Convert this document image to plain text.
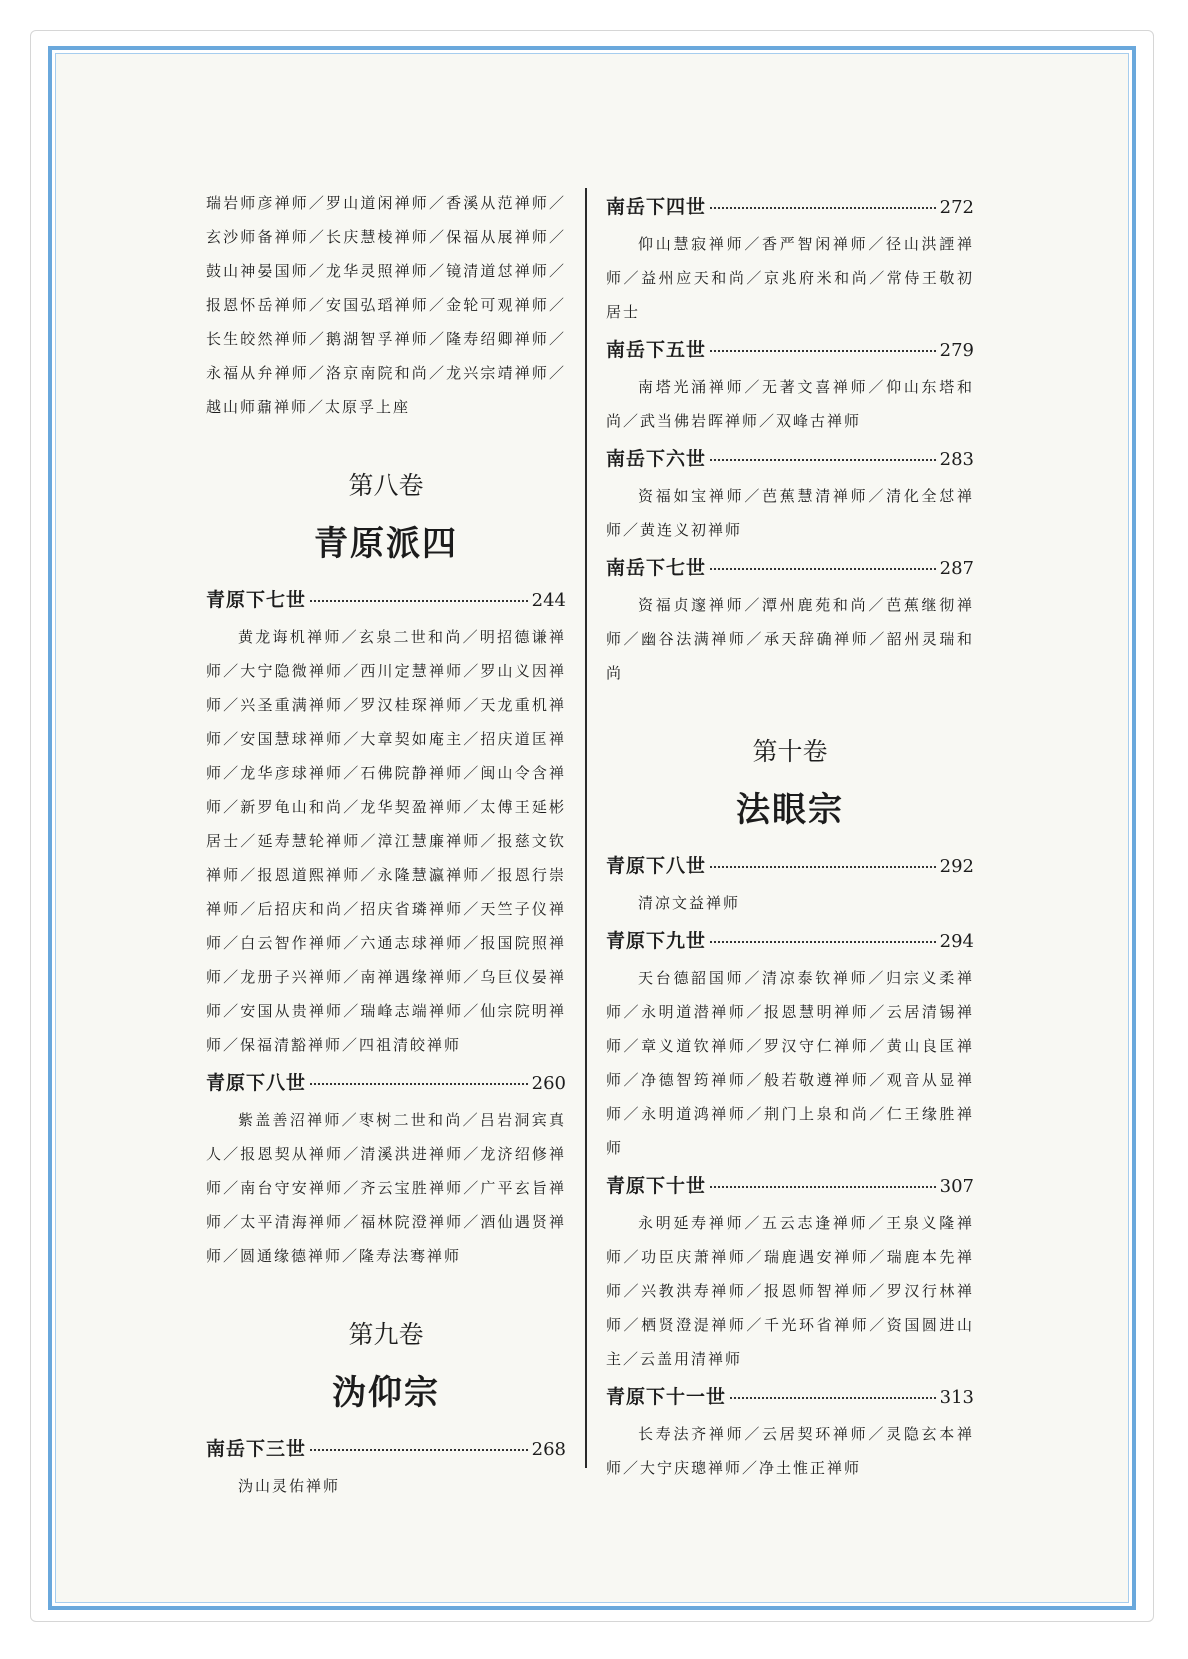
瑞岩师彦禅师／罗山道闲禅师／香溪从范禅师／玄沙师备禅师／长庆慧棱禅师／保福从展禅师／鼓山神晏国师／龙华灵照禅师／镜清道怤禅师／报恩怀岳禅师／安国弘瑫禅师／金轮可观禅师／长生皎然禅师／鹅湖智孚禅师／隆寿绍卿禅师／永福从弁禅师／洛京南院和尚／龙兴宗靖禅师／越山师鼐禅师／太原孚上座

第八卷
青原派四
青原下七世	244

黄龙诲机禅师／玄泉二世和尚／明招德谦禅师／大宁隐微禅师／西川定慧禅师／罗山义因禅师／兴圣重满禅师／罗汉桂琛禅师／天龙重机禅师／安国慧球禅师／大章契如庵主／招庆道匡禅师／龙华彦球禅师／石佛院静禅师／闽山令含禅师／新罗龟山和尚／龙华契盈禅师／太傅王延彬居士／延寿慧轮禅师／漳江慧廉禅师／报慈文钦禅师／报恩道熙禅师／永隆慧瀛禅师／报恩行崇禅师／后招庆和尚／招庆省璘禅师／天竺子仪禅师／白云智作禅师／六通志球禅师／报国院照禅师／龙册子兴禅师／南禅遇缘禅师／乌巨仪晏禅师／安国从贵禅师／瑞峰志端禅师／仙宗院明禅师／保福清豁禅师／四祖清皎禅师

青原下八世	260

紫盖善沼禅师／枣树二世和尚／吕岩洞宾真人／报恩契从禅师／清溪洪进禅师／龙济绍修禅师／南台守安禅师／齐云宝胜禅师／广平玄旨禅师／太平清海禅师／福林院澄禅师／酒仙遇贤禅师／圆通缘德禅师／隆寿法骞禅师

第九卷
沩仰宗
南岳下三世	268

沩山灵佑禅师

南岳下四世	272

仰山慧寂禅师／香严智闲禅师／径山洪諲禅师／益州应天和尚／京兆府米和尚／常侍王敬初居士

南岳下五世	279

南塔光涌禅师／无著文喜禅师／仰山东塔和尚／武当佛岩晖禅师／双峰古禅师

南岳下六世	283

资福如宝禅师／芭蕉慧清禅师／清化全怤禅师／黄连义初禅师

南岳下七世	287

资福贞邃禅师／潭州鹿苑和尚／芭蕉继彻禅师／幽谷法满禅师／承天辞确禅师／韶州灵瑞和尚

第十卷
法眼宗
青原下八世	292

清凉文益禅师

青原下九世	294

天台德韶国师／清凉泰钦禅师／归宗义柔禅师／永明道潜禅师／报恩慧明禅师／云居清锡禅师／章义道钦禅师／罗汉守仁禅师／黄山良匡禅师／净德智筠禅师／般若敬遵禅师／观音从显禅师／永明道鸿禅师／荆门上泉和尚／仁王缘胜禅师

青原下十世	307

永明延寿禅师／五云志逢禅师／王泉义隆禅师／功臣庆萧禅师／瑞鹿遇安禅师／瑞鹿本先禅师／兴教洪寿禅师／报恩师智禅师／罗汉行林禅师／栖贤澄湜禅师／千光环省禅师／资国圆进山主／云盖用清禅师

青原下十一世	313

长寿法齐禅师／云居契环禅师／灵隐玄本禅师／大宁庆璁禅师／净土惟正禅师
